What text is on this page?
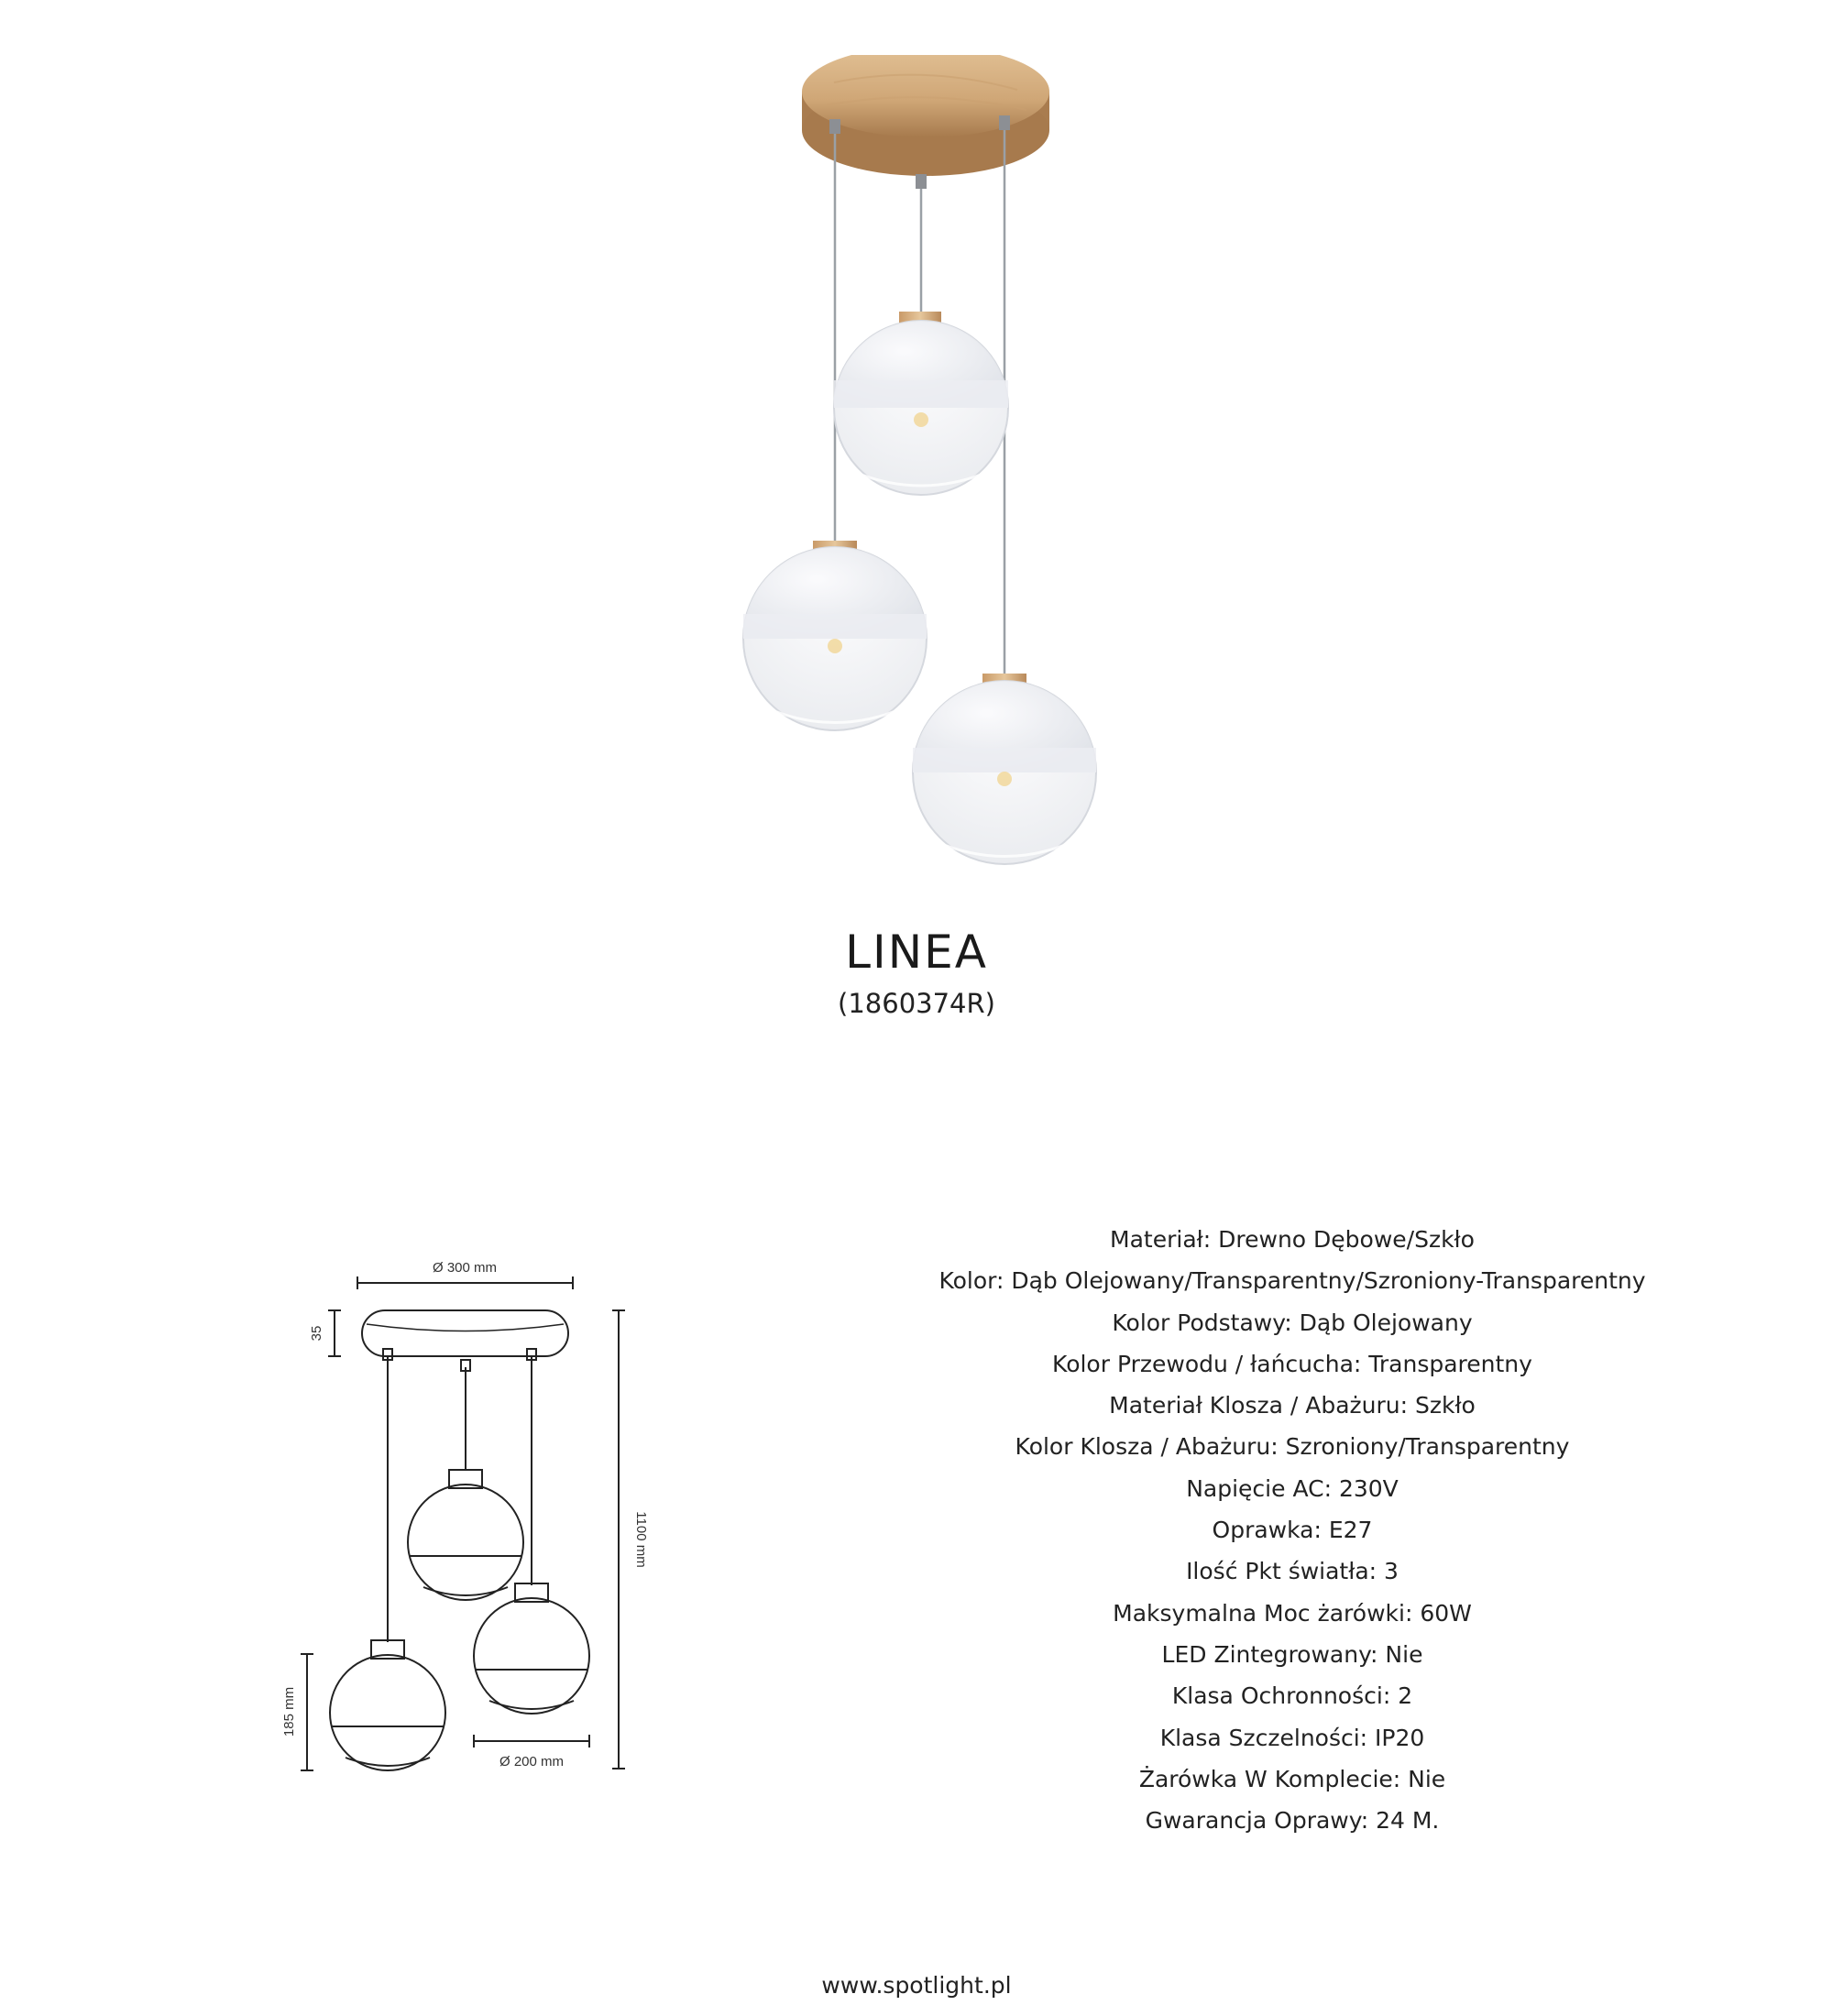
LINEA
(1860374R)
Ø 300 mm
35
1100 mm
185 mm
Ø 200 mm
Materiał: Drewno Dębowe/Szkło
Kolor: Dąb Olejowany/Transparentny/Szroniony-Transparentny
Kolor Podstawy: Dąb Olejowany
Kolor Przewodu / łańcucha: Transparentny
Materiał Klosza / Abażuru: Szkło
Kolor Klosza / Abażuru: Szroniony/Transparentny
Napięcie AC: 230V
Oprawka: E27
Ilość Pkt światła: 3
Maksymalna Moc żarówki: 60W
LED Zintegrowany: Nie
Klasa Ochronności: 2
Klasa Szczelności: IP20
Żarówka W Komplecie: Nie
Gwarancja Oprawy: 24 M.
www.spotlight.pl
